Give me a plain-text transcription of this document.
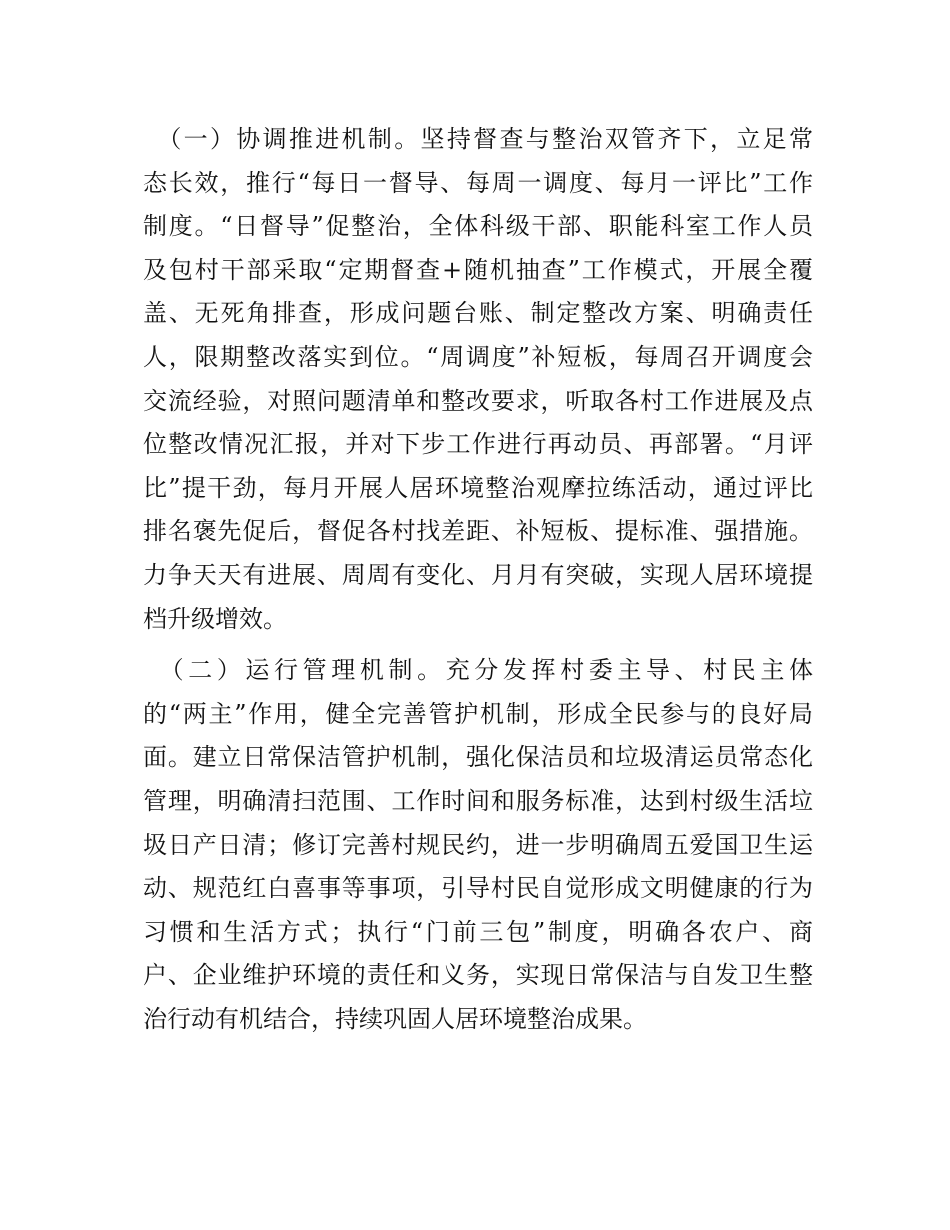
　（一）协调推进机制。坚持督查与整治双管齐下，立足常
态长效，推行“每日一督导、每周一调度、每月一评比”工作
制度。“日督导”促整治，全体科级干部、职能科室工作人员
及包村干部采取“定期督查+随机抽查”工作模式，开展全覆
盖、无死角排查，形成问题台账、制定整改方案、明确责任
人，限期整改落实到位。“周调度”补短板，每周召开调度会
交流经验，对照问题清单和整改要求，听取各村工作进展及点
位整改情况汇报，并对下步工作进行再动员、再部署。“月评
比”提干劲，每月开展人居环境整治观摩拉练活动，通过评比
排名褒先促后，督促各村找差距、补短板、提标准、强措施。
力争天天有进展、周周有变化、月月有突破，实现人居环境提
档升级增效。

　（二）运行管理机制。充分发挥村委主导、村民主体
的“两主”作用，健全完善管护机制，形成全民参与的良好局
面。建立日常保洁管护机制，强化保洁员和垃圾清运员常态化
管理，明确清扫范围、工作时间和服务标准，达到村级生活垃
圾日产日清；修订完善村规民约，进一步明确周五爱国卫生运
动、规范红白喜事等事项，引导村民自觉形成文明健康的行为
习惯和生活方式；执行“门前三包”制度，明确各农户、商
户、企业维护环境的责任和义务，实现日常保洁与自发卫生整
治行动有机结合，持续巩固人居环境整治成果。
